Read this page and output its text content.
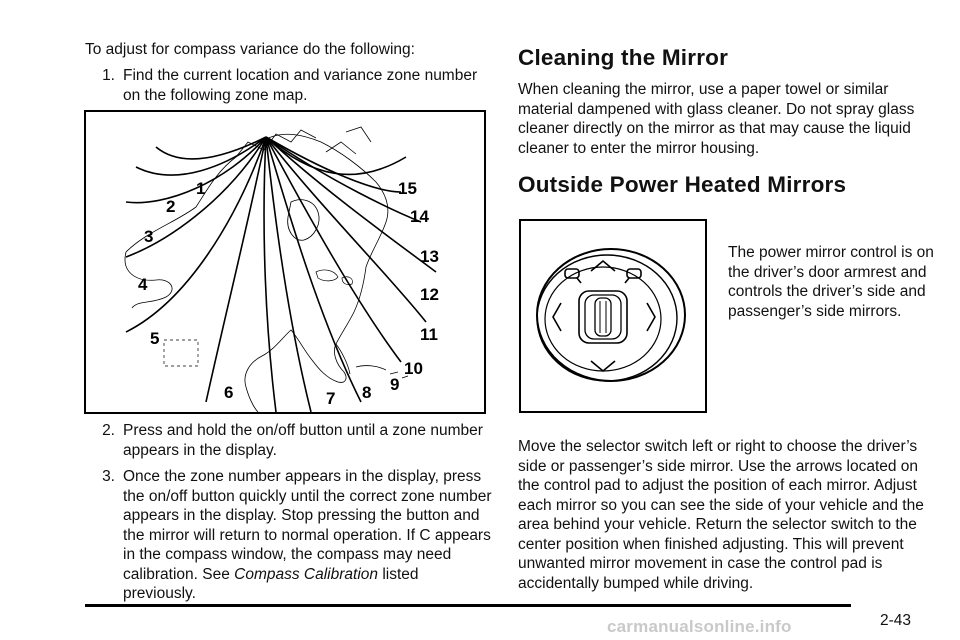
To adjust for compass variance do the following:

1. Find the current location and variance zone number on the following zone map.
1
2
3
4
5
6	7 8 9
10
11
12
13
14
15
2. Press and hold the on/off button until a zone number appears in the display.
3. Once the zone number appears in the display, press the on/off button quickly until the correct zone number appears in the display. Stop pressing the button and the mirror will return to normal operation. If C appears in the compass window, the compass may need calibration. See Compass Calibration listed previously.
Cleaning the Mirror

When cleaning the mirror, use a paper towel or similar material dampened with glass cleaner. Do not spray glass cleaner directly on the mirror as that may cause the liquid cleaner to enter the mirror housing.

Outside Power Heated Mirrors

The power mirror control is on the driver’s door armrest and controls the driver’s side and passenger’s side mirrors.

Move the selector switch left or right to choose the driver’s side or passenger’s side mirror. Use the arrows located on the control pad to adjust the position of each mirror. Adjust each mirror so you can see the side of your vehicle and the area behind your vehicle. Return the selector switch to the center position when finished adjusting. This will prevent unwanted mirror movement in case the control pad is accidentally bumped while driving.

2-43
carmanualsonline.info
